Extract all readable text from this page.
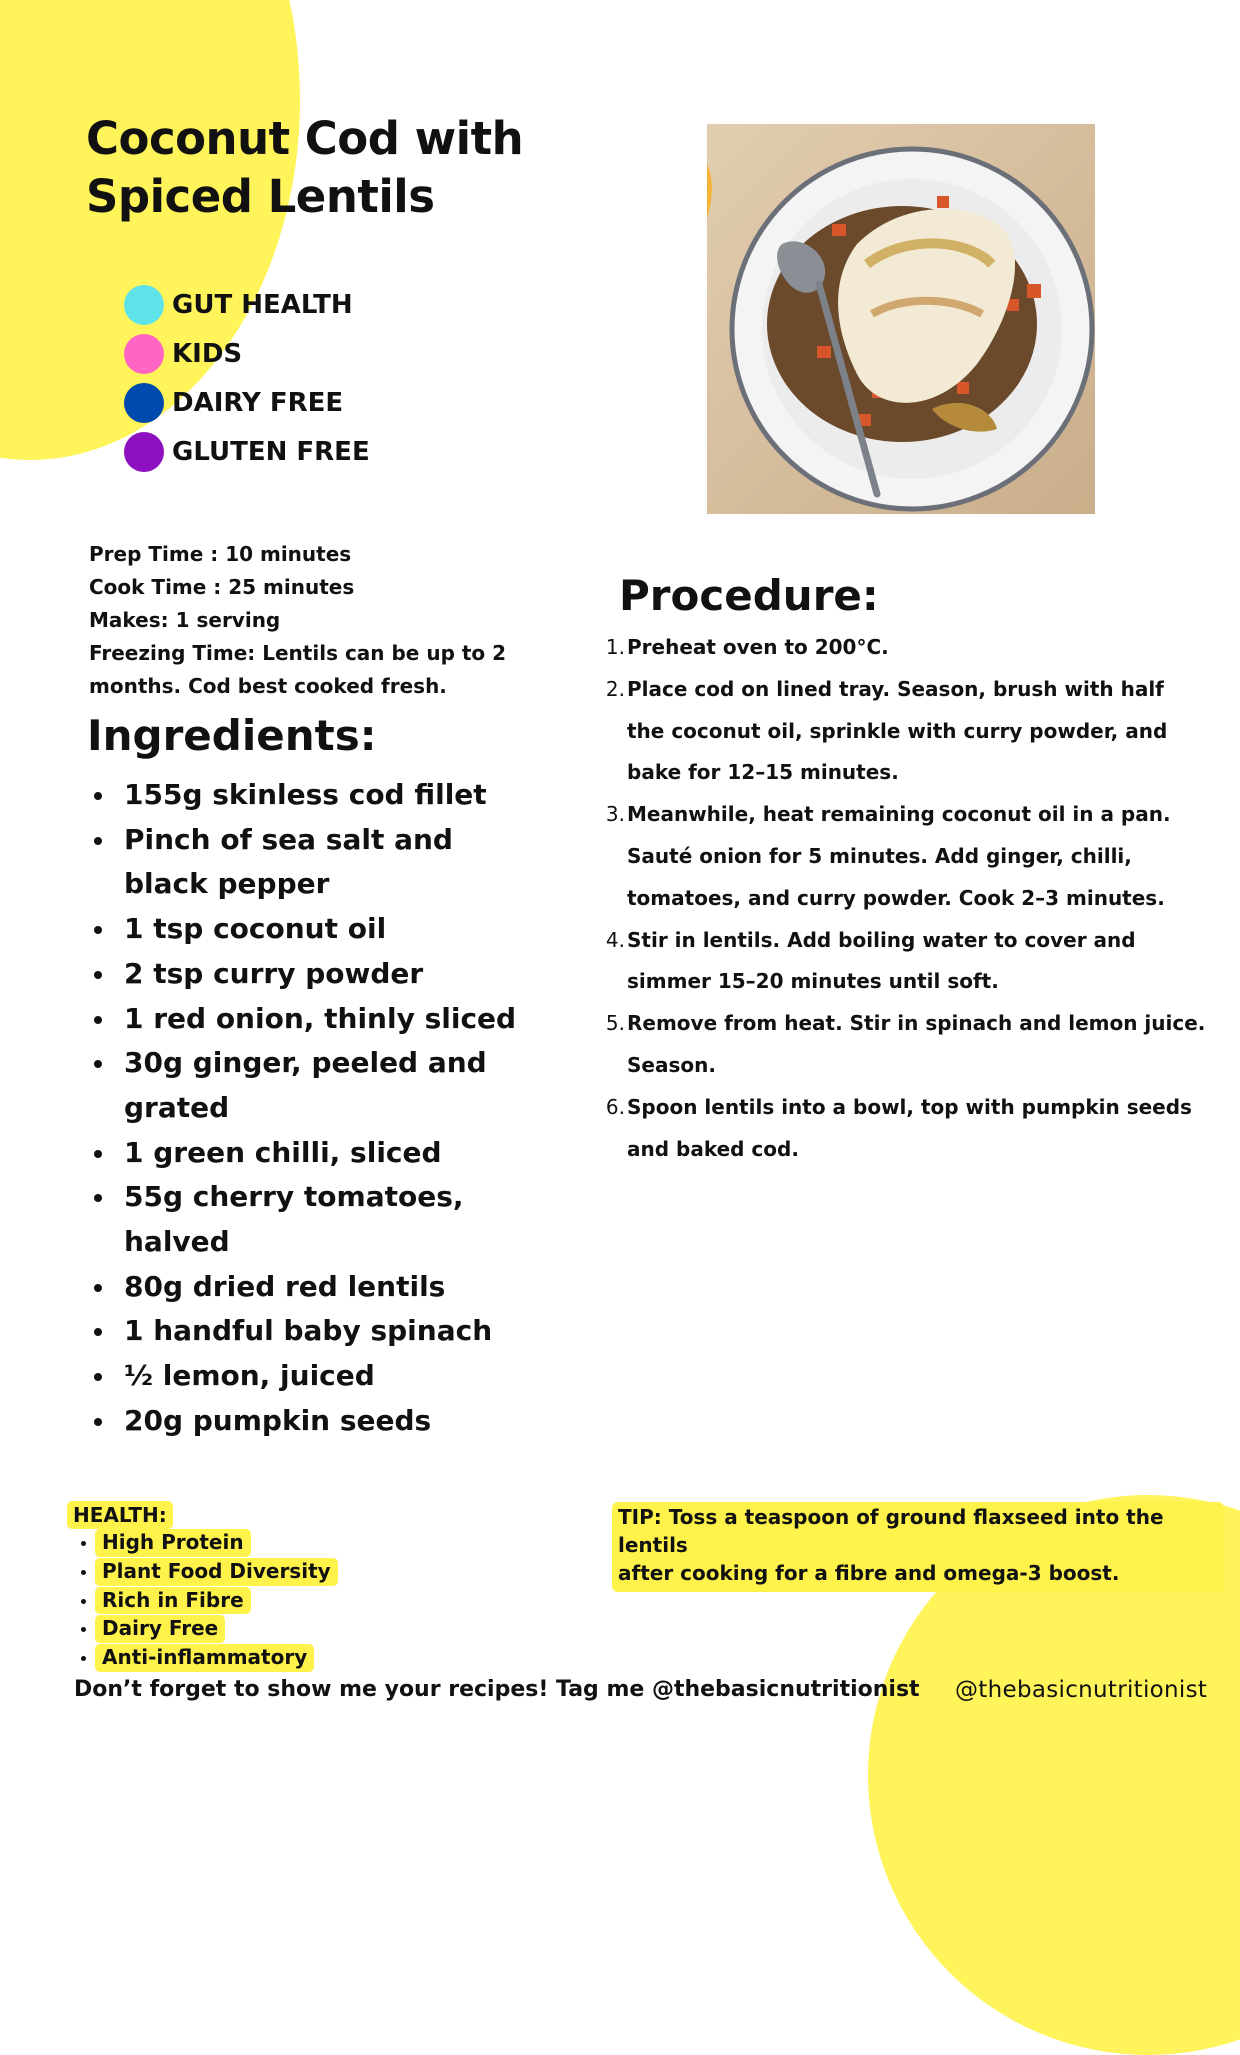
Coconut Cod with
Spiced Lentils
GUT HEALTH
KIDS
DAIRY FREE
GLUTEN FREE
Prep Time : 10 minutes
Cook Time : 25 minutes
Makes: 1 serving
Freezing Time: Lentils can be up to 2
months. Cod best cooked fresh.
Ingredients:
155g skinless cod fillet
Pinch of sea salt and black pepper
1 tsp coconut oil
2 tsp curry powder
1 red onion, thinly sliced
30g ginger, peeled and grated
1 green chilli, sliced
55g cherry tomatoes, halved
80g dried red lentils
1 handful baby spinach
½ lemon, juiced
20g pumpkin seeds
Procedure:
1. Preheat oven to 200°C.
2. Place cod on lined tray. Season, brush with half the coconut oil, sprinkle with curry powder, and bake for 12–15 minutes.
3. Meanwhile, heat remaining coconut oil in a pan. Sauté onion for 5 minutes. Add ginger, chilli, tomatoes, and curry powder. Cook 2–3 minutes.
4. Stir in lentils. Add boiling water to cover and simmer 15–20 minutes until soft.
5. Remove from heat. Stir in spinach and lemon juice. Season.
6. Spoon lentils into a bowl, top with pumpkin seeds and baked cod.
HEALTH:
High Protein
Plant Food Diversity
Rich in Fibre
Dairy Free
Anti-inflammatory
TIP: Toss a teaspoon of ground flaxseed into the lentils
after cooking for a fibre and omega-3 boost.
Don’t forget to show me your recipes! Tag me @thebasicnutritionist @thebasicnutritionist
